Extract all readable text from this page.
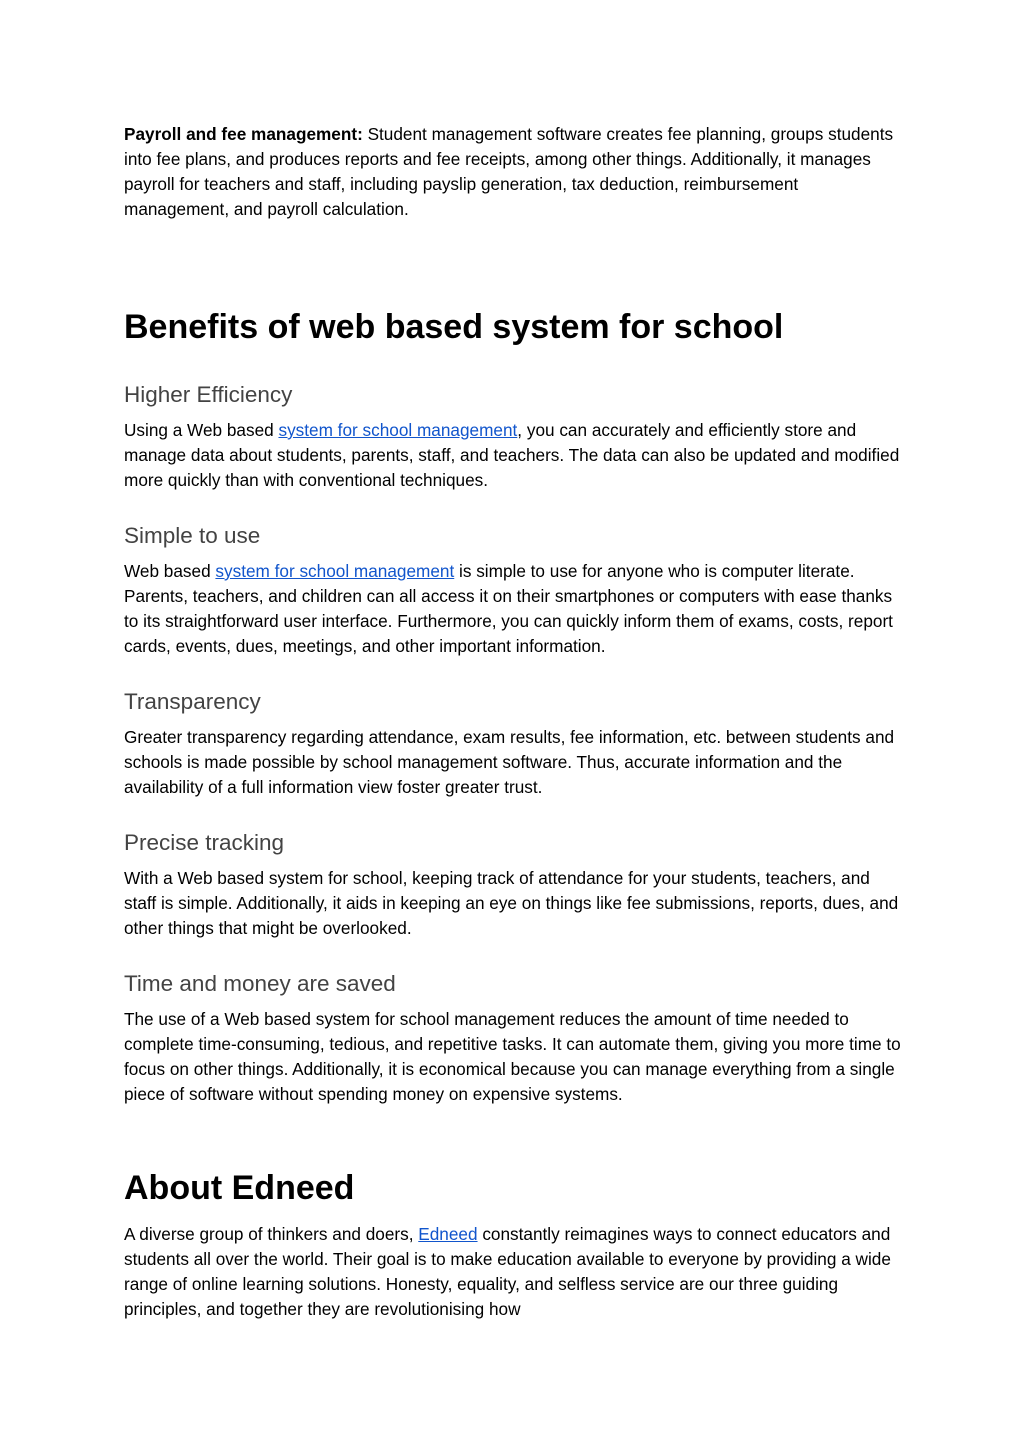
Payroll and fee management: Student management software creates fee planning, groups students into fee plans, and produces reports and fee receipts, among other things. Additionally, it manages payroll for teachers and staff, including payslip generation, tax deduction, reimbursement management, and payroll calculation.

Benefits of web based system for school
Higher Efficiency

Using a Web based system for school management, you can accurately and efficiently store and manage data about students, parents, staff, and teachers. The data can also be updated and modified more quickly than with conventional techniques.

Simple to use

Web based system for school management is simple to use for anyone who is computer literate. Parents, teachers, and children can all access it on their smartphones or computers with ease thanks to its straightforward user interface. Furthermore, you can quickly inform them of exams, costs, report cards, events, dues, meetings, and other important information.

Transparency

Greater transparency regarding attendance, exam results, fee information, etc. between students and schools is made possible by school management software. Thus, accurate information and the availability of a full information view foster greater trust.

Precise tracking

With a Web based system for school, keeping track of attendance for your students, teachers, and staff is simple. Additionally, it aids in keeping an eye on things like fee submissions, reports, dues, and other things that might be overlooked.

Time and money are saved

The use of a Web based system for school management reduces the amount of time needed to complete time-consuming, tedious, and repetitive tasks. It can automate them, giving you more time to focus on other things. Additionally, it is economical because you can manage everything from a single piece of software without spending money on expensive systems.

About Edneed

A diverse group of thinkers and doers, Edneed constantly reimagines ways to connect educators and students all over the world. Their goal is to make education available to everyone by providing a wide range of online learning solutions. Honesty, equality, and selfless service are our three guiding principles, and together they are revolutionising how
